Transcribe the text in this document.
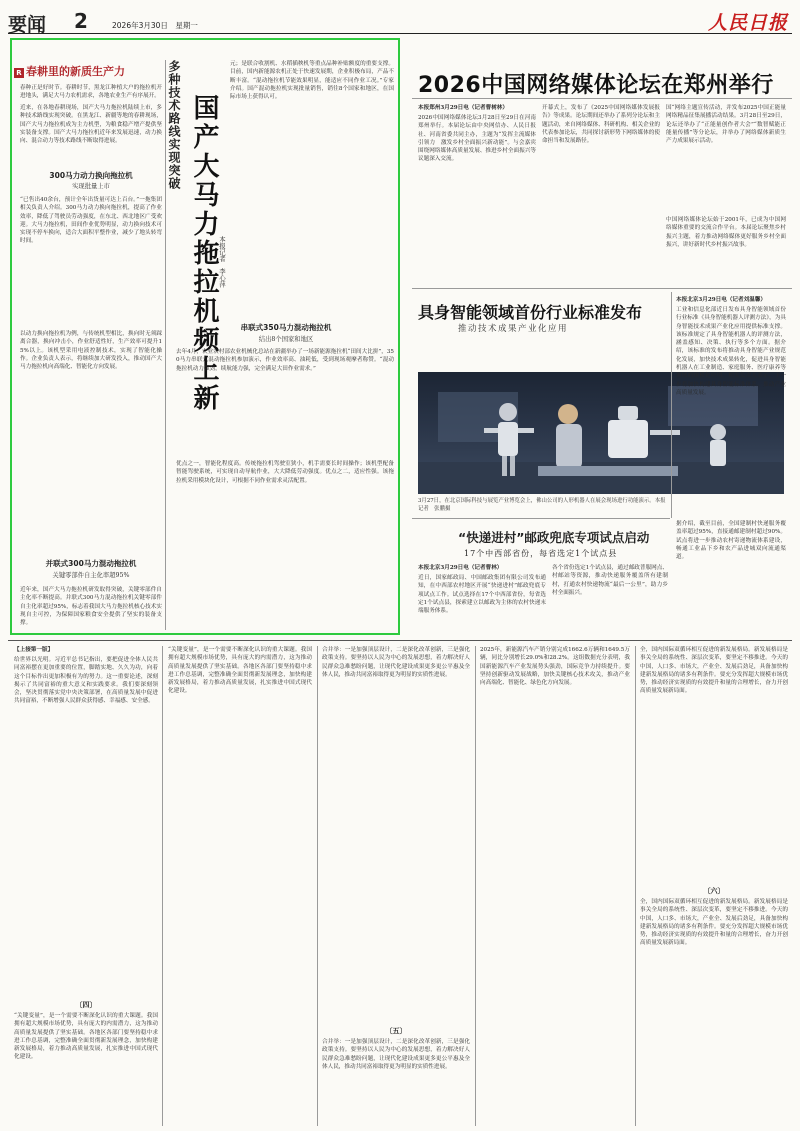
要闻 2	2026年3月30日　星期一	人民日报
R 春耕里的新质生产力
春种正是好时节。春耕时节，黑龙江种植大户的拖拉机开进地头，满足大马力农机需求，各地农业生产有序展开。
近来，在各地春耕现场，国产大马力拖拉机陆续上市，多种技术路线实现突破。在黑龙江、新疆等地的春耕现场，国产大马力拖拉机成为主力机型，为粮食稳产增产提供坚实装备支撑。国产大马力拖拉机近年来发展迅速，动力换向、混合动力等技术路线不断取得进展。
300马力动力换向拖拉机
实现批量上市
“已售出40余台，预计全年出货量可达上百台。”一拖集团相关负责人介绍。300马力动力换向拖拉机，提高了作业效率，降低了驾驶员劳动强度，在东北、西北地区广受欢迎。大马力拖拉机，田间作业优势明显，动力换向技术可实现不停车换向，适合大面积平整作业，减少了地头转弯时间。
以动力换向拖拉机为例，与传统机型相比，换向时无须踩离合器，换向冲击小，作业舒适性好，生产效率可提升15%以上。该机型采用电液控制技术，实现了智能化操作。企业负责人表示，将继续加大研发投入，推动国产大马力拖拉机向高端化、智能化方向发展。
并联式300马力混动拖拉机
关键零部件自主化率超95%
近年来，国产大马力拖拉机研发取得突破，关键零部件自主化率不断提高。并联式300马力混动拖拉机关键零部件自主化率超过95%，标志着我国大马力拖拉机核心技术实现自主可控，为保障国家粮食安全提供了坚实的装备支撑。
多种技术路线实现突破 国产大马力拖拉机频上新 本报记者　李心萍
元；是联合收割机、水稻插秧机等重点品种补贴额度的重要支撑。目前，国内新能源农机正处于快速发展期，企业积极布局，产品不断丰富。“混动拖拉机节能效果明显，能适应不同作业工况。”专家介绍。国产混动拖拉机实现批量销售，销往8个国家和地区，在国际市场上获得认可。
串联式350马力混动拖拉机
结出8个国家和地区
去年4月，农业农村部农业机械化总站在新疆举办了一场新能源拖拉机“田间大比拼”，350马力串联式混动拖拉机参加演示，作业效率高、油耗低，受到现场观摩者称赞。“混动拖拉机动力强劲，续航能力强，完全满足大田作业需求。”
优点之一，智能化程度高。传统拖拉机驾驶室狭小，机手需要长时间操作；该机型配备智能驾驶系统，可实现自动导航作业，大大降低劳动强度。优点之二，适应性强。该拖拉机采用模块化设计，可根据不同作业需求灵活配置。
2026中国网络媒体论坛在郑州举行
本报郑州3月29日电（记者曹树林）
2026中国网络媒体论坛3月28日至29日在河南郑州举行。本届论坛由中央网信办、人民日报社、河南省委共同主办，主题为“发挥主流媒体引领力　激发乡村全面振兴新动能”。与会嘉宾围绕网络媒体高质量发展、推进乡村全面振兴等议题深入交流。
开幕式上，发布了《2025中国网络媒体发展报告》等成果。论坛期间还举办了系列分论坛和主题活动，来自网络媒体、科研机构、相关企业的代表参加论坛，共同探讨新形势下网络媒体的使命担当和发展路径。
国“网络主题宣传活动，并发布2025中国正能量网络精品征集展播活动结果。3月28日至29日，论坛还举办了“正能量创作者大会”“数智赋能正能量传播”等分论坛，并举办了网络媒体新质生产力成果展示活动。
中国网络媒体论坛始于2001年，已成为中国网络媒体重要的交流合作平台。本届论坛聚焦乡村振兴主题，着力推动网络媒体更好服务乡村全面振兴，讲好新时代乡村振兴故事。
具身智能领域首份行业标准发布
推动技术成果产业化应用
3月27日，在北京国际科技与展览产业博览会上，佛山公司的人形机器人在展会现场进行功能演示。本报记者　张鹏摄
本报北京3月29日电（记者刘温馨）
工业和信息化部近日发布具身智能领域首份行业标准《具身智能机器人评测方法》，为具身智能技术成果产业化应用提供标准支撑。该标准规定了具身智能机器人的评测方法，涵盖感知、决策、执行等多个方面。据介绍，该标准的发布将推动具身智能产业规范化发展，加快技术成果转化，促进具身智能机器人在工业制造、家庭服务、医疗康养等领域的规模化应用。相关负责人表示，下一步将加快构建具身智能标准体系，推动产业高质量发展。
“快递进村”邮政兜底专项试点启动
17个中西部省份，每省选定1个试点县
本报北京3月29日电（记者曹林）
近日，国家邮政局、中国邮政集团有限公司发布通知，在中西部农村地区开展“快递进村”邮政兜底专项试点工作。试点选择在17个中西部省份，每省选定1个试点县，探索建立以邮政为主体的农村快递末端服务体系。
各个省份选定1个试点县，通过邮政普服网点、村邮站等资源，推动快递服务覆盖所有建制村，打通农村快递物流“最后一公里”，助力乡村全面振兴。
据介绍，截至目前，全国建制村快递服务覆盖率超过95%，直接通邮建制村超过90%。试点将进一步推动农村寄递物流体系建设，畅通工业品下乡和农产品进城双向流通渠道。
【上接第一版】
给世界以光明。习近平总书记指出，要把促进全体人民共同富裕摆在更加重要的位置，脚踏实地、久久为功，向着这个目标作出更加积极有为的努力。这一重要论述，深刻揭示了共同富裕的重大意义和实践要求。我们要深刻领会，坚决贯彻落实党中央决策部署，在高质量发展中促进共同富裕，不断增强人民群众获得感、幸福感、安全感。
〔四〕
“关键变量”，是一个需要不断深化认识的重大课题。我国拥有超大规模市场优势，具有庞大的内需潜力，这为推动高质量发展提供了坚实基础。各地区各部门要坚持稳中求进工作总基调，完整准确全面贯彻新发展理念，加快构建新发展格局，着力推动高质量发展，扎实推进中国式现代化建设。
“关键变量”，是一个需要不断深化认识的重大课题。我国拥有超大规模市场优势，具有庞大的内需潜力，这为推动高质量发展提供了坚实基础。各地区各部门要坚持稳中求进工作总基调，完整准确全面贯彻新发展理念，加快构建新发展格局，着力推动高质量发展，扎实推进中国式现代化建设。
合并举：一是加强顶层设计，二是深化改革创新，三是强化政策支持。要坚持以人民为中心的发展思想，着力解决好人民群众急难愁盼问题，让现代化建设成果更多更公平惠及全体人民，推动共同富裕取得更为明显的实质性进展。
〔五〕
合并举：一是加强顶层设计，二是深化改革创新，三是强化政策支持。要坚持以人民为中心的发展思想，着力解决好人民群众急难愁盼问题，让现代化建设成果更多更公平惠及全体人民，推动共同富裕取得更为明显的实质性进展。
2025年，新能源汽车产销分别完成1662.6万辆和1649.5万辆，同比分别增长29.0%和28.2%。这组数据充分表明，我国新能源汽车产业发展势头强劲，国际竞争力持续提升。要坚持创新驱动发展战略，加快关键核心技术攻关，推动产业向高端化、智能化、绿色化方向发展。
全，国内国际双循环相互促进的新发展格局。新发展格局是事关全局的系统性、深层次变革，要坚定不移推进。今天的中国，人口多、市场大，产业全、发展后劲足，具备加快构建新发展格局的诸多有利条件。要充分发挥超大规模市场优势，推动经济实现质的有效提升和量的合理增长，奋力开创高质量发展新局面。
〔六〕
全，国内国际双循环相互促进的新发展格局。新发展格局是事关全局的系统性、深层次变革，要坚定不移推进。今天的中国，人口多、市场大，产业全、发展后劲足，具备加快构建新发展格局的诸多有利条件。要充分发挥超大规模市场优势，推动经济实现质的有效提升和量的合理增长，奋力开创高质量发展新局面。
